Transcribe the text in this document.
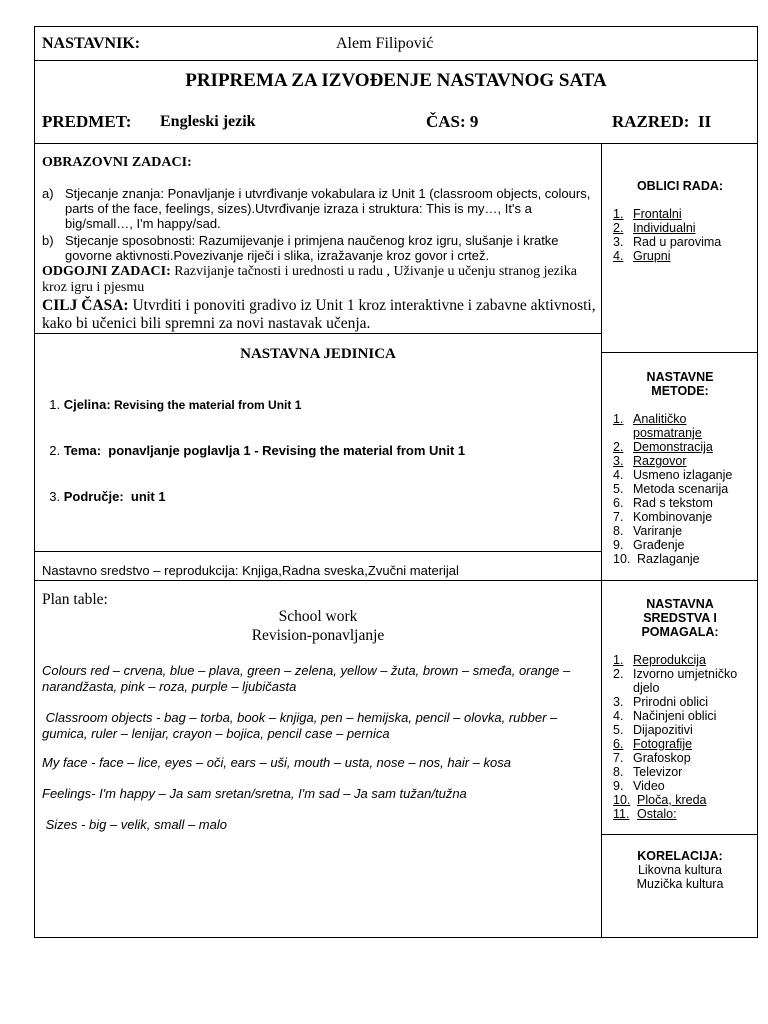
NASTAVNIK:	Alem Filipović
PRIPREMA ZA IZVOĐENJE NASTAVNOG SATA
PREDMET: Engleski jezik	ČAS: 9	RAZRED:  II
OBRAZOVNI ZADACI:
a) Stjecanje znanja: Ponavljanje i utvrđivanje vokabulara iz Unit 1 (classroom objects, colours, parts of the face, feelings, sizes).Utvrđivanje izraza i struktura: This is my…, It's a big/small…, I'm happy/sad.
b) Stjecanje sposobnosti: Razumijevanje i primjena naučenog kroz igru, slušanje i kratke govorne aktivnosti.Povezivanje riječi i slika, izražavanje kroz govor i crtež.
ODGOJNI ZADACI: Razvijanje tačnosti i urednosti u radu , Uživanje u učenju stranog jezika kroz igru i pjesmu
CILJ ČASA: Utvrditi i ponoviti gradivo iz Unit 1 kroz interaktivne i zabavne aktivnosti, kako bi učenici bili spremni za novi nastavak učenja.
NASTAVNA JEDINICA

1. Cjelina: Revising the material from Unit 1

2. Tema:  ponavljanje poglavlja 1 - Revising the material from Unit 1

3. Područje:  unit 1

Nastavno sredstvo – reprodukcija: Knjiga,Radna sveska,Zvučni materijal
Plan table:
School work
Revision-ponavljanje
Colours red – crvena, blue – plava, green – zelena, yellow – žuta, brown – smeđa, orange – narandžasta, pink – roza, purple – ljubičasta
Classroom objects - bag – torba, book – knjiga, pen – hemijska, pencil – olovka, rubber – gumica, ruler – lenijar, crayon – bojica, pencil case – pernica
My face - face – lice, eyes – oči, ears – uši, mouth – usta, nose – nos, hair – kosa
Feelings- I'm happy – Ja sam sretan/sretna, I'm sad – Ja sam tužan/tužna
Sizes - big – velik, small – malo
OBLICI RADA:
1. Frontalni
2. Individualni
3. Rad u parovima
4. Grupni
NASTAVNE METODE:
1. Analitičko posmatranje
2. Demonstracija
3. Razgovor
4. Usmeno izlaganje
5. Metoda scenarija
6. Rad s tekstom
7. Kombinovanje
8. Variranje
9. Građenje
10. Razlaganje
NASTAVNA SREDSTVA I POMAGALA:
1. Reprodukcija
2. Izvorno umjetničko djelo
3. Prirodni oblici
4. Načinjeni oblici
5. Dijapozitivi
6. Fotografije
7. Grafoskop
8. Televizor
9. Video
10. Ploča, kreda
11. Ostalo:
KORELACIJA:
Likovna kultura
Muzička kultura
